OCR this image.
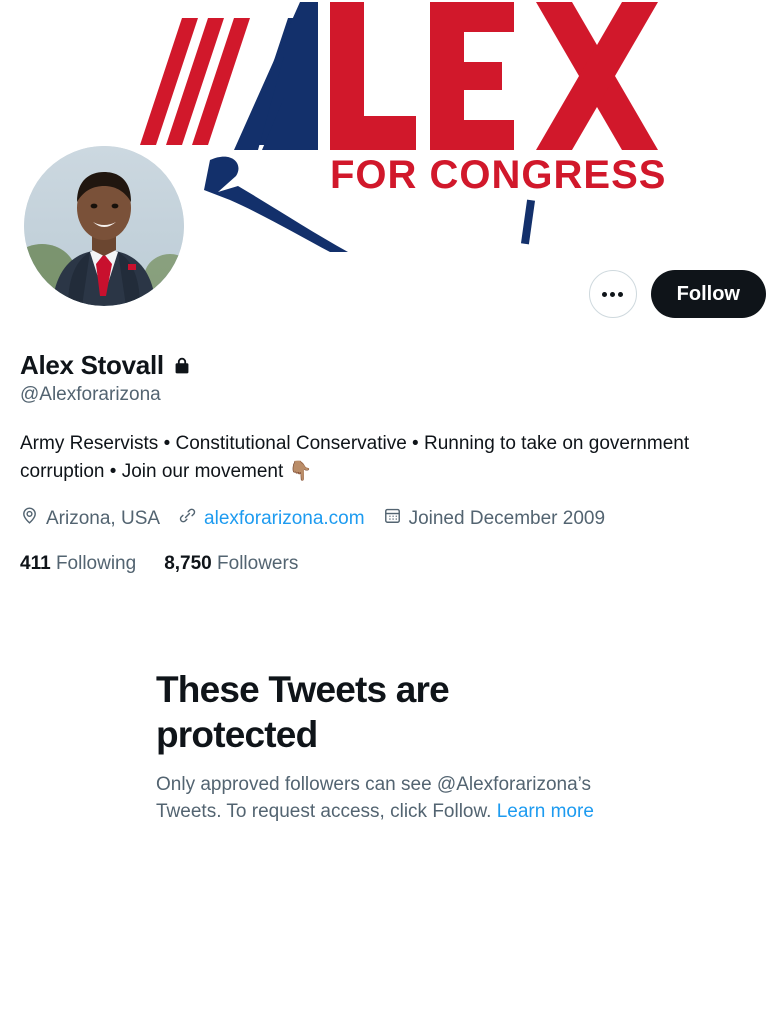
FOR CONGRESS
Follow
Alex Stovall
@Alexforarizona
Army Reservists • Constitutional Conservative • Running to take on government corruption • Join our movement 👇🏽
Arizona, USA alexforarizona.com Joined December 2009
411 Following 8,750 Followers
These Tweets are protected

Only approved followers can see @Alexforarizona’s Tweets. To request access, click Follow. Learn more
